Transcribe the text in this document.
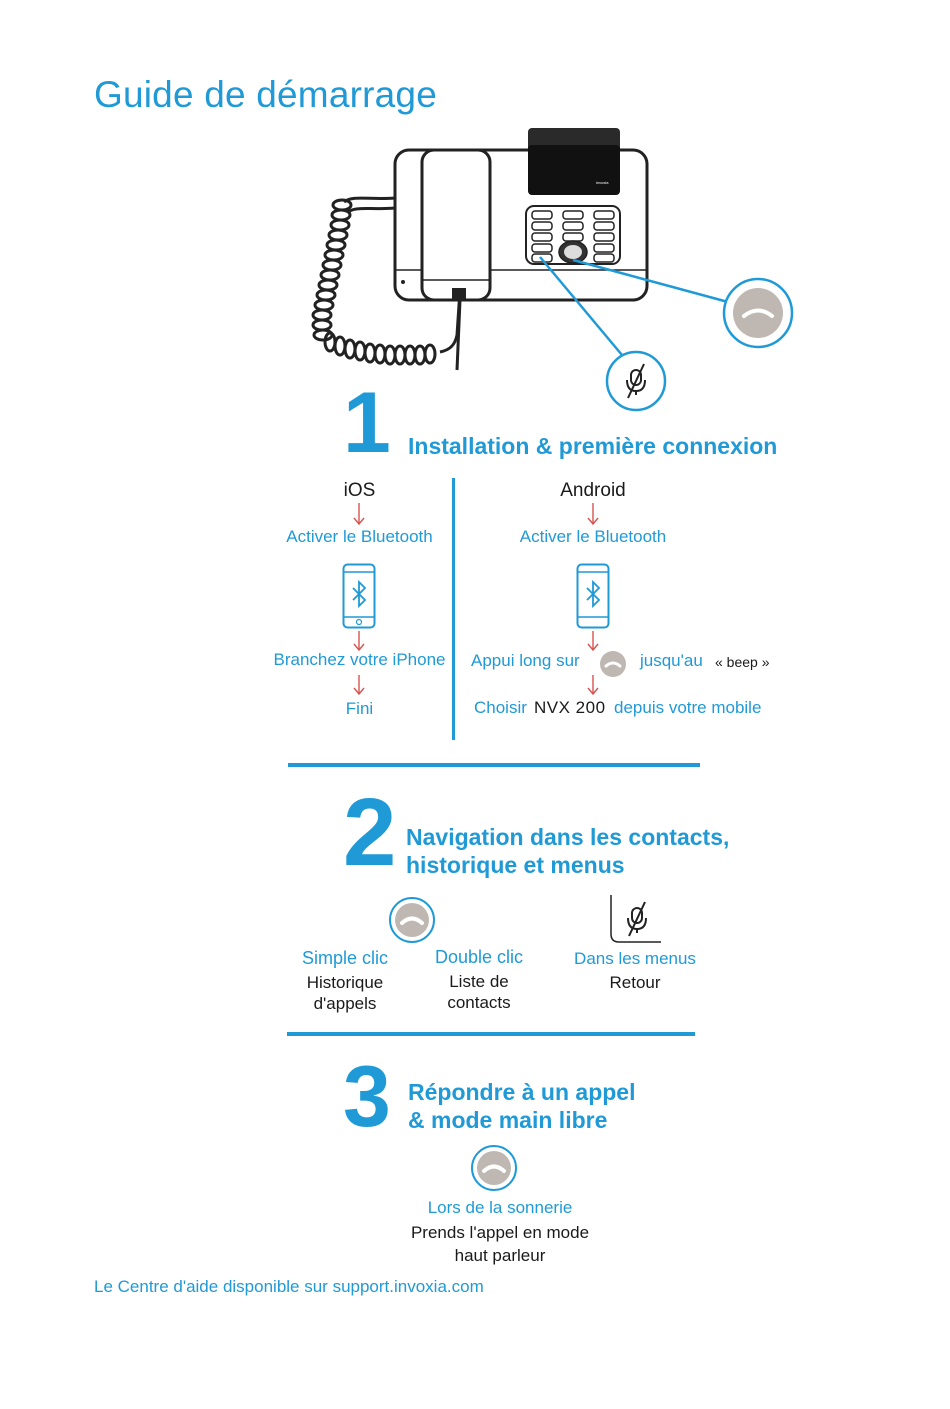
Guide de démarrage
invoxia
1 Installation & première connexion
iOS
Activer le Bluetooth
Branchez votre iPhone
Fini
Android
Activer le Bluetooth
Appui long sur	jusqu'au « beep »
Choisir NVX 200 depuis votre mobile
2 Navigation dans les contacts,
historique et menus
Simple clic
Historique
d'appels
Double clic
Liste de
contacts
Dans les menus
Retour
3 Répondre à un appel
& mode main libre
Lors de la sonnerie
Prends l'appel en mode
haut parleur
Le Centre d'aide disponible sur support.invoxia.com
